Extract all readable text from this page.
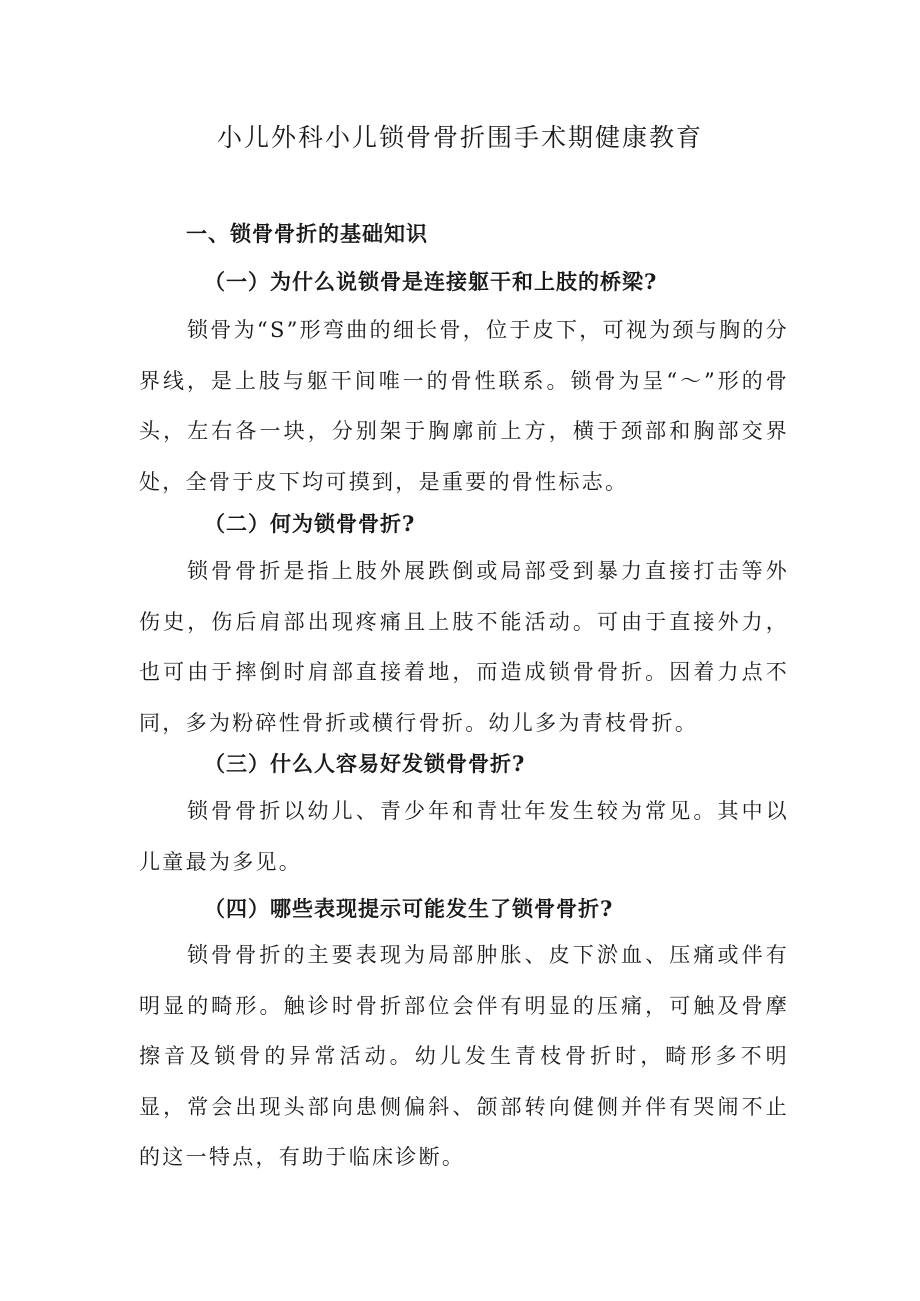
小儿外科小儿锁骨骨折围手术期健康教育
一、锁骨骨折的基础知识
（一）为什么说锁骨是连接躯干和上肢的桥梁?

锁骨为“S”形弯曲的细长骨，位于皮下，可视为颈与胸的分界线，是上肢与躯干间唯一的骨性联系。锁骨为呈“～”形的骨头，左右各一块，分别架于胸廓前上方，横于颈部和胸部交界处，全骨于皮下均可摸到，是重要的骨性标志。

（二）何为锁骨骨折?

锁骨骨折是指上肢外展跌倒或局部受到暴力直接打击等外伤史，伤后肩部出现疼痛且上肢不能活动。可由于直接外力，也可由于摔倒时肩部直接着地，而造成锁骨骨折。因着力点不同，多为粉碎性骨折或横行骨折。幼儿多为青枝骨折。

（三）什么人容易好发锁骨骨折?

锁骨骨折以幼儿、青少年和青壮年发生较为常见。其中以儿童最为多见。

（四）哪些表现提示可能发生了锁骨骨折?

锁骨骨折的主要表现为局部肿胀、皮下淤血、压痛或伴有明显的畸形。触诊时骨折部位会伴有明显的压痛，可触及骨摩擦音及锁骨的异常活动。幼儿发生青枝骨折时，畸形多不明显，常会出现头部向患侧偏斜、颌部转向健侧并伴有哭闹不止的这一特点，有助于临床诊断。
